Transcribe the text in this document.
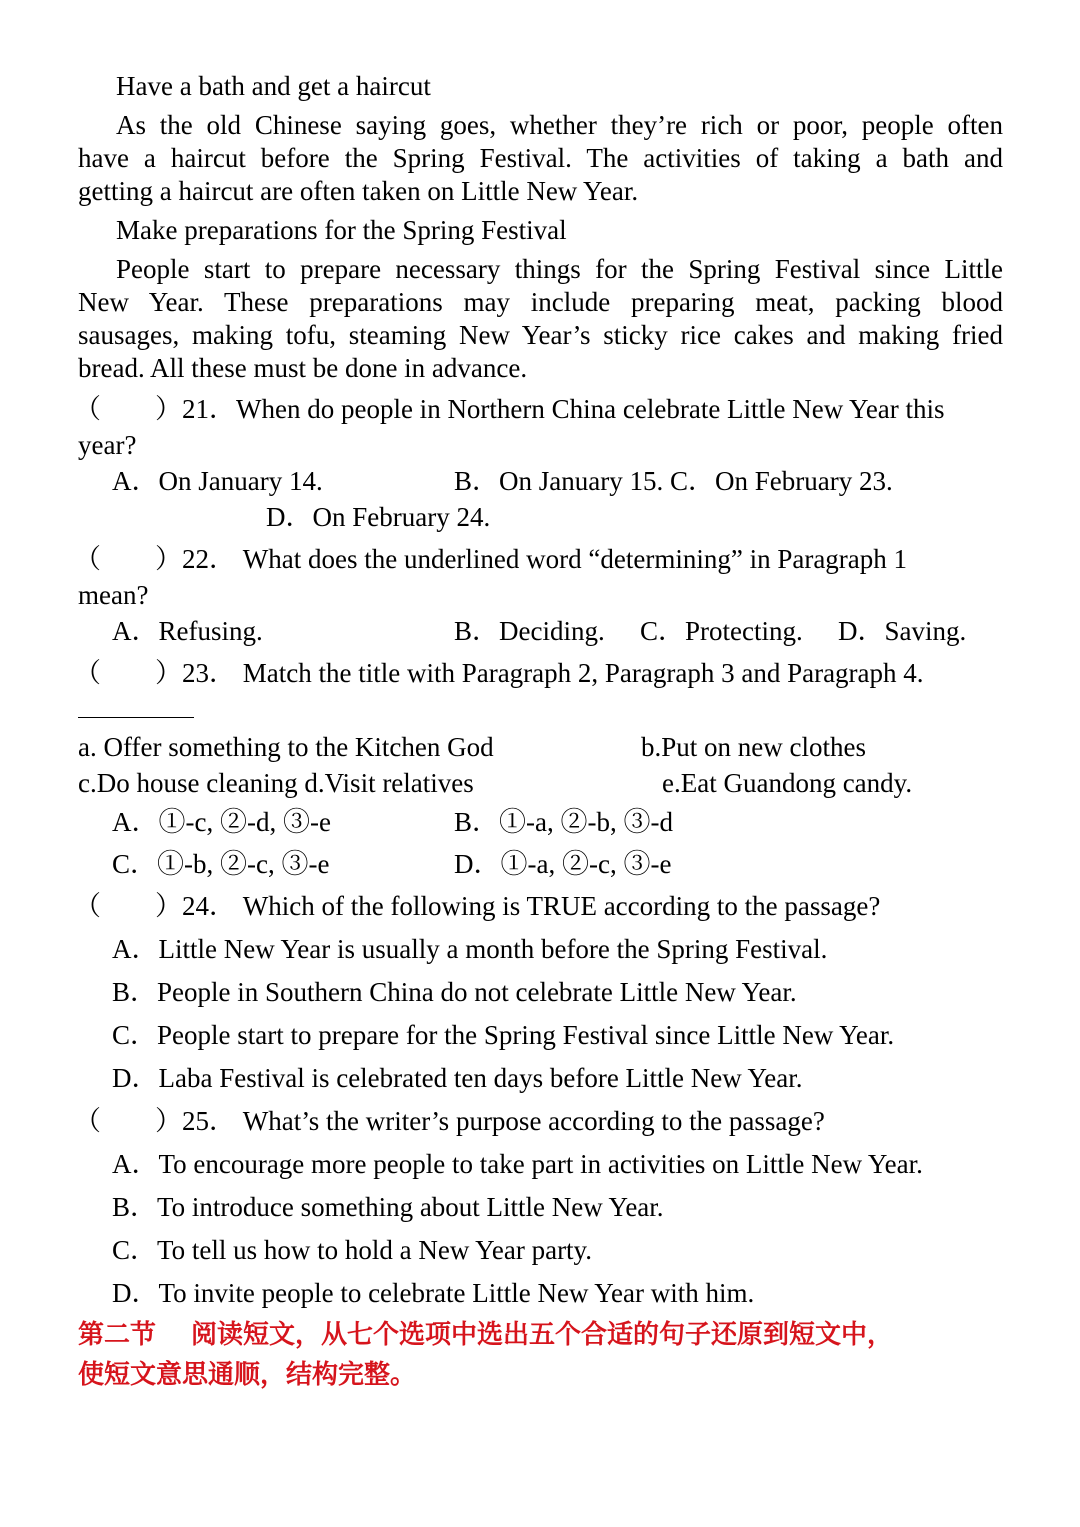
Have a bath and get a haircut
As the old Chinese saying goes, whether they’re rich or poor, people often
have a haircut before the Spring Festival. The activities of taking a bath and
getting a haircut are often taken on Little New Year.
Make preparations for the Spring Festival
People start to prepare necessary things for the Spring Festival since Little
New Year. These preparations may include preparing meat, packing blood
sausages, making tofu, steaming New Year’s sticky rice cakes and making fried
bread. All these must be done in advance.
（　　）21．When do people in Northern China celebrate Little New Year this
year?
A．On January 14.	B．On January 15. C．On February 23.
D．On February 24.
（　　）22． What does the underlined word “determining” in Paragraph 1
mean?
A．Refusing.	B．Deciding. C．Protecting. D．Saving.
（　　）23． Match the title with Paragraph 2, Paragraph 3 and Paragraph 4.
a. Offer something to the Kitchen God	b.Put on new clothes
c.Do house cleaning d.Visit relatives	e.Eat Guandong candy.
A．①-c, ②-d, ③-e	B．①-a, ②-b, ③-d
C．①-b, ②-c, ③-e	D．①-a, ②-c, ③-e
（　　）24． Which of the following is TRUE according to the passage?
A．Little New Year is usually a month before the Spring Festival.
B．People in Southern China do not celebrate Little New Year.
C．People start to prepare for the Spring Festival since Little New Year.
D．Laba Festival is celebrated ten days before Little New Year.
（　　）25． What’s the writer’s purpose according to the passage?
A．To encourage more people to take part in activities on Little New Year.
B．To introduce something about Little New Year.
C．To tell us how to hold a New Year party.
D．To invite people to celebrate Little New Year with him.
第二节　 阅读短文，从七个选项中选出五个合适的句子还原到短文中，
使短文意思通顺，结构完整。
